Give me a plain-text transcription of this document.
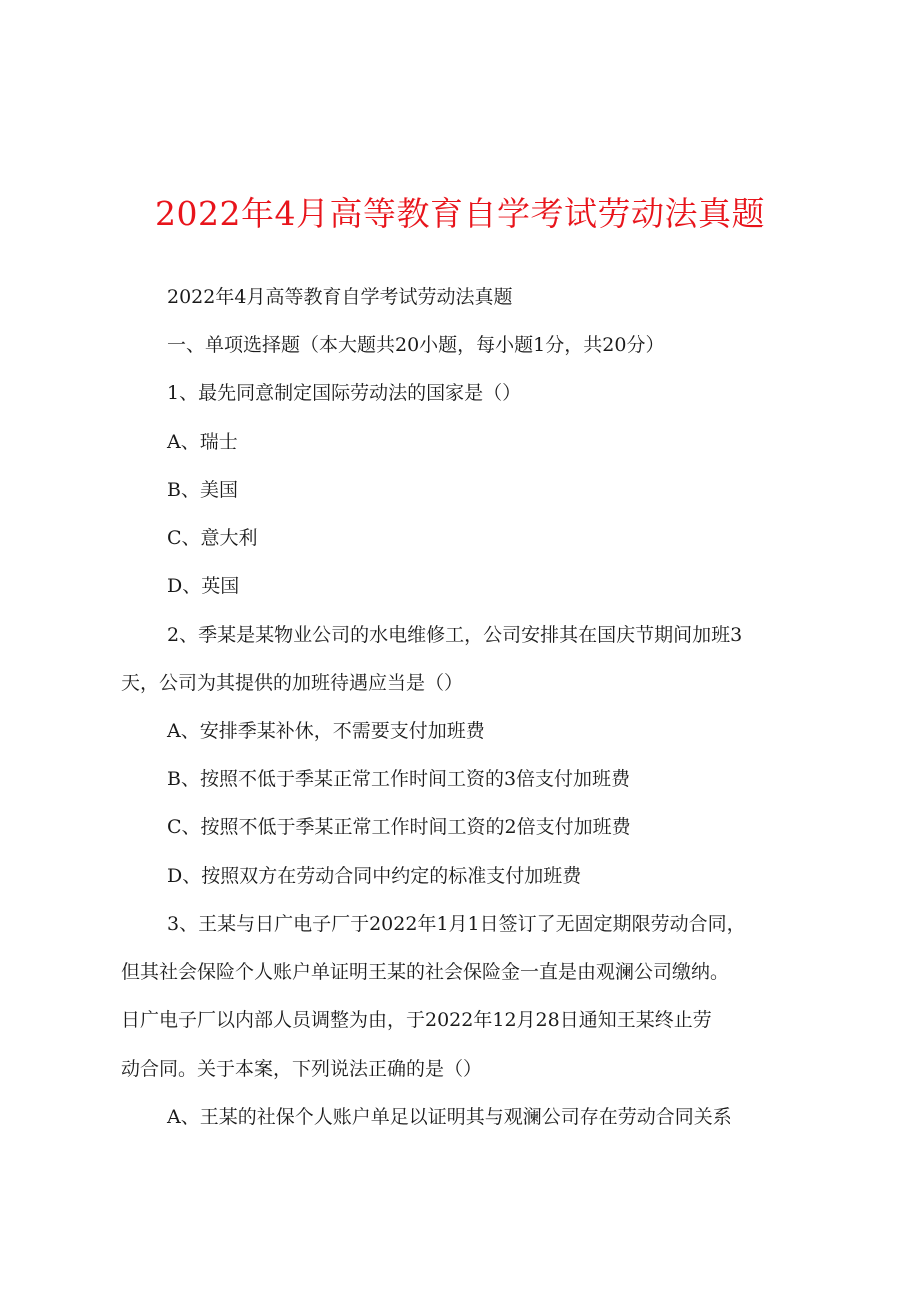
2022年4月高等教育自学考试劳动法真题
2022年4月高等教育自学考试劳动法真题
一、单项选择题（本大题共20小题，每小题1分，共20分）
1、最先同意制定国际劳动法的国家是（）
A、瑞士
B、美国
C、意大利
D、英国
2、季某是某物业公司的水电维修工，公司安排其在国庆节期间加班3
天，公司为其提供的加班待遇应当是（）
A、安排季某补休，不需要支付加班费
B、按照不低于季某正常工作时间工资的3倍支付加班费
C、按照不低于季某正常工作时间工资的2倍支付加班费
D、按照双方在劳动合同中约定的标准支付加班费
3、王某与日广电子厂于2022年1月1日签订了无固定期限劳动合同，
但其社会保险个人账户单证明王某的社会保险金一直是由观澜公司缴纳。
日广电子厂以内部人员调整为由，于2022年12月28日通知王某终止劳
动合同。关于本案，下列说法正确的是（）
A、王某的社保个人账户单足以证明其与观澜公司存在劳动合同关系
